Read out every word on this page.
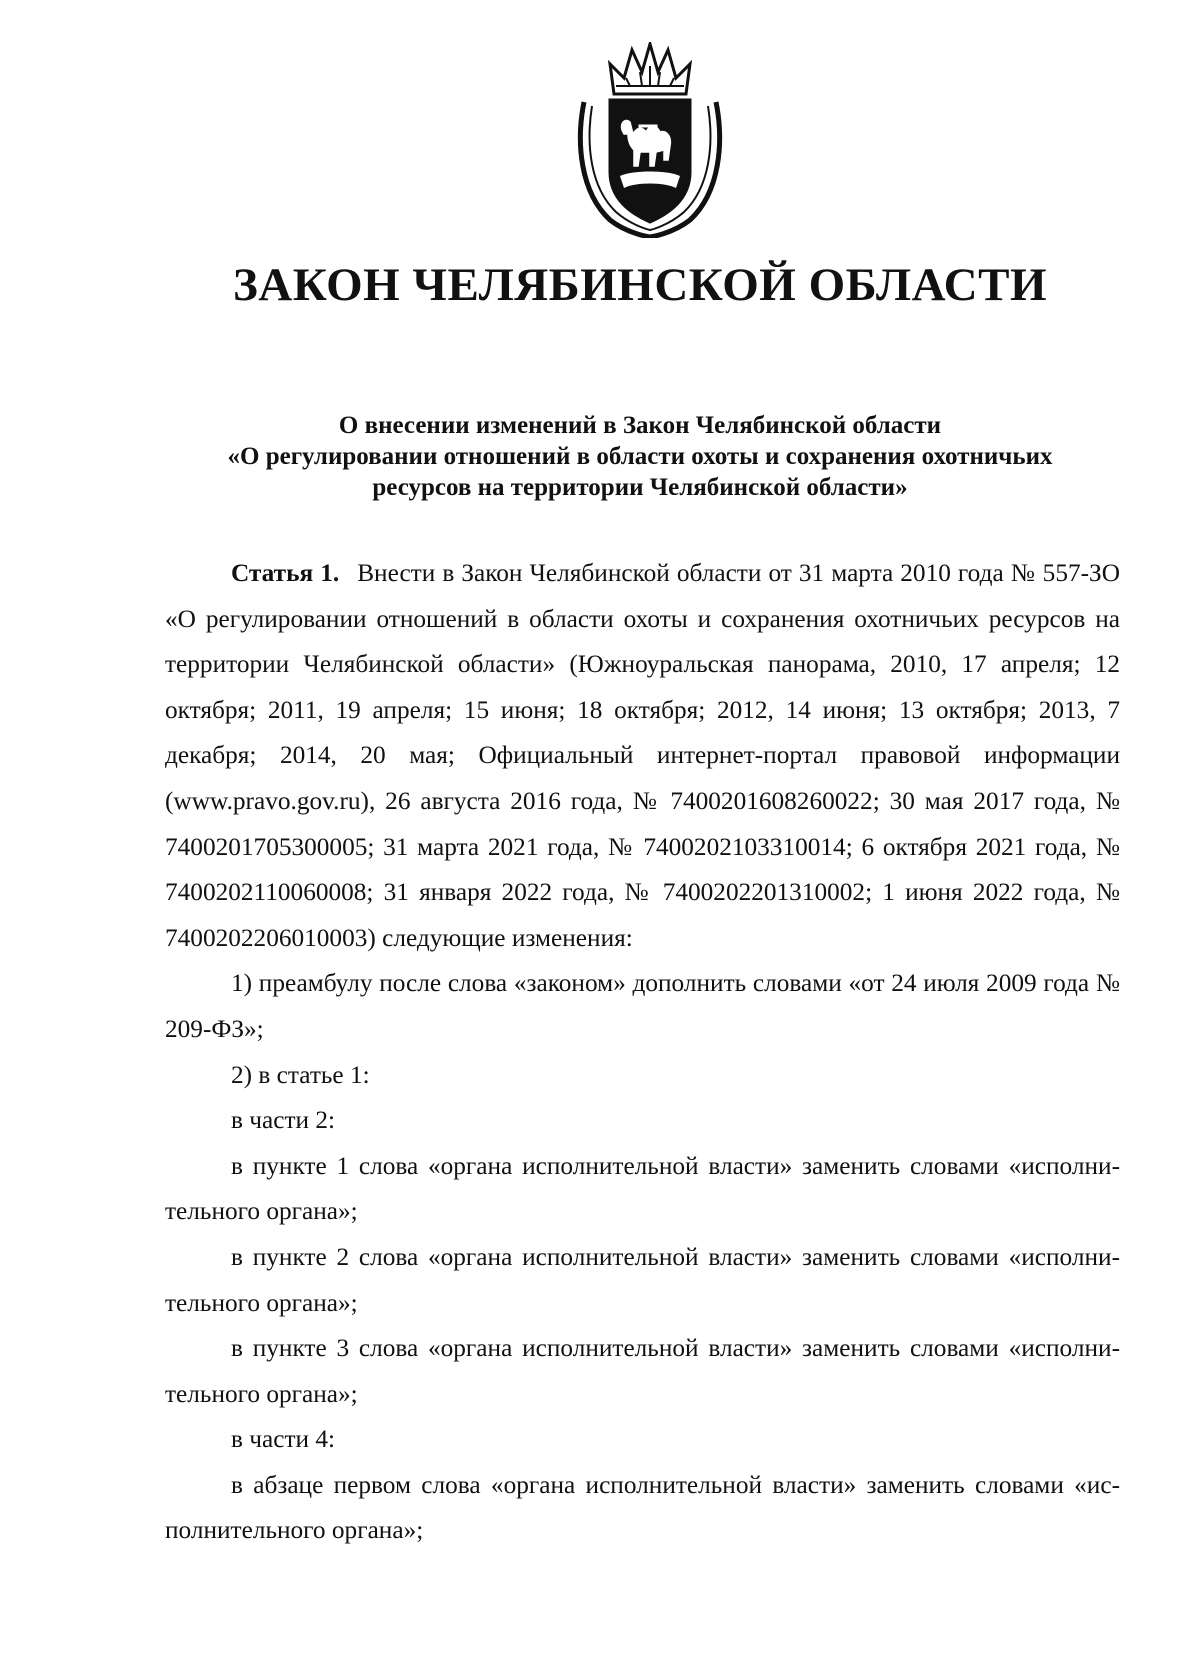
ЗАКОН ЧЕЛЯБИНСКОЙ ОБЛАСТИ
О внесении изменений в Закон Челябинской области
«О регулировании отношений в области охоты и сохранения охотничьих
ресурсов на территории Челябинской области»

Статья 1. Внести в Закон Челябинской области от 31 марта 2010 года № 557-ЗО «О регулировании отношений в области охоты и сохранения охотничьих ресурсов на территории Челябинской области» (Южноуральская панорама, 2010, 17 апреля; 12 октября; 2011, 19 апреля; 15 июня; 18 октября; 2012, 14 июня; 13 октября; 2013, 7 декабря; 2014, 20 мая; Официальный интернет-портал правовой информации (www.pravo.gov.ru), 26 августа 2016 года, № 7400201608260022; 30 мая 2017 года, № 7400201705300005; 31 марта 2021 года, № 7400202103310014; 6 октября 2021 года, № 7400202110060008; 31 января 2022 года, № 7400202201310002; 1 июня 2022 года, № 7400202206010003) следующие изменения:

1) преамбулу после слова «законом» дополнить словами «от 24 июля 2009 года № 209-ФЗ»;

2) в статье 1:

в части 2:

в пункте 1 слова «органа исполнительной власти» заменить словами «исполни-тельного органа»;

в пункте 2 слова «органа исполнительной власти» заменить словами «исполни-тельного органа»;

в пункте 3 слова «органа исполнительной власти» заменить словами «исполни-тельного органа»;

в части 4:

в абзаце первом слова «органа исполнительной власти» заменить словами «ис-полнительного органа»;
